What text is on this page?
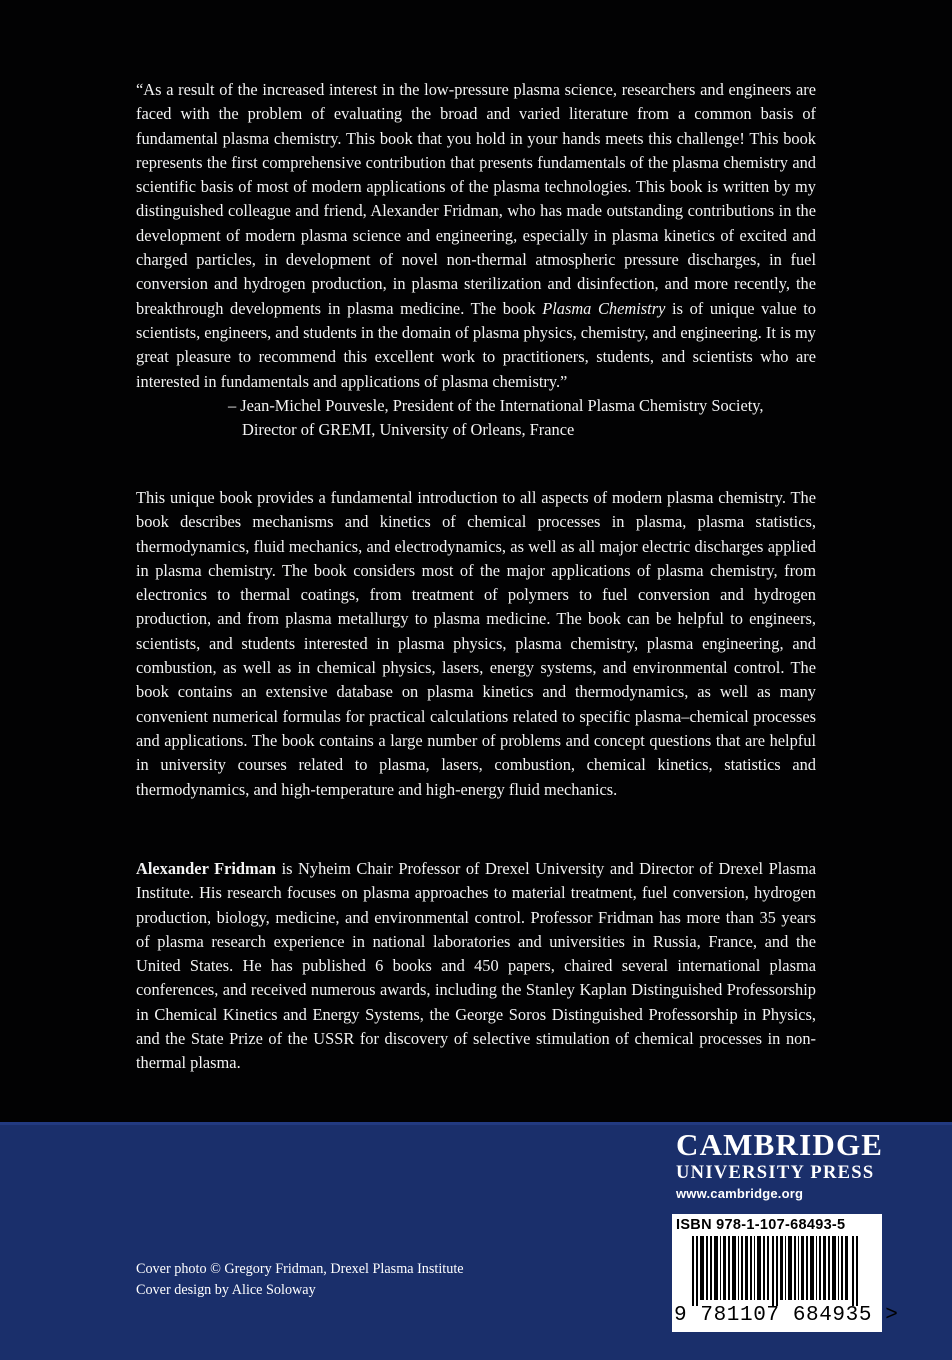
“As a result of the increased interest in the low-pressure plasma science, researchers and engineers are faced with the problem of evaluating the broad and varied literature from a common basis of fundamental plasma chemistry. This book that you hold in your hands meets this challenge! This book represents the first comprehensive contribution that presents fundamentals of the plasma chemistry and scientific basis of most of modern applications of the plasma technologies. This book is written by my distinguished colleague and friend, Alexander Fridman, who has made outstanding contributions in the development of modern plasma science and engineering, especially in plasma kinetics of excited and charged particles, in development of novel non-thermal atmospheric pressure discharges, in fuel conversion and hydrogen production, in plasma sterilization and disinfection, and more recently, the breakthrough developments in plasma medicine. The book Plasma Chemistry is of unique value to scientists, engineers, and students in the domain of plasma physics, chemistry, and engineering. It is my great pleasure to recommend this excellent work to practitioners, students, and scientists who are interested in fundamentals and applications of plasma chemistry.”

– Jean-Michel Pouvesle, President of the International Plasma Chemistry Society,
Director of GREMI, University of Orleans, France

This unique book provides a fundamental introduction to all aspects of modern plasma chemistry. The book describes mechanisms and kinetics of chemical processes in plasma, plasma statistics, thermodynamics, fluid mechanics, and electrodynamics, as well as all major electric discharges applied in plasma chemistry. The book considers most of the major applications of plasma chemistry, from electronics to thermal coatings, from treatment of polymers to fuel conversion and hydrogen production, and from plasma metallurgy to plasma medicine. The book can be helpful to engineers, scientists, and students interested in plasma physics, plasma chemistry, plasma engineering, and combustion, as well as in chemical physics, lasers, energy systems, and environmental control. The book contains an extensive database on plasma kinetics and thermodynamics, as well as many convenient numerical formulas for practical calculations related to specific plasma–chemical processes and applications. The book contains a large number of problems and concept questions that are helpful in university courses related to plasma, lasers, combustion, chemical kinetics, statistics and thermodynamics, and high-temperature and high-energy fluid mechanics.

Alexander Fridman is Nyheim Chair Professor of Drexel University and Director of Drexel Plasma Institute. His research focuses on plasma approaches to material treatment, fuel conversion, hydrogen production, biology, medicine, and environmental control. Professor Fridman has more than 35 years of plasma research experience in national laboratories and universities in Russia, France, and the United States. He has published 6 books and 450 papers, chaired several international plasma conferences, and received numerous awards, including the Stanley Kaplan Distinguished Professorship in Chemical Kinetics and Energy Systems, the George Soros Distinguished Professorship in Physics, and the State Prize of the USSR for discovery of selective stimulation of chemical processes in non-thermal plasma.

CAMBRIDGE
UNIVERSITY PRESS
www.cambridge.org
ISBN 978-1-107-68493-5
9 781107 684935 >
Cover photo © Gregory Fridman, Drexel Plasma Institute
Cover design by Alice Soloway
